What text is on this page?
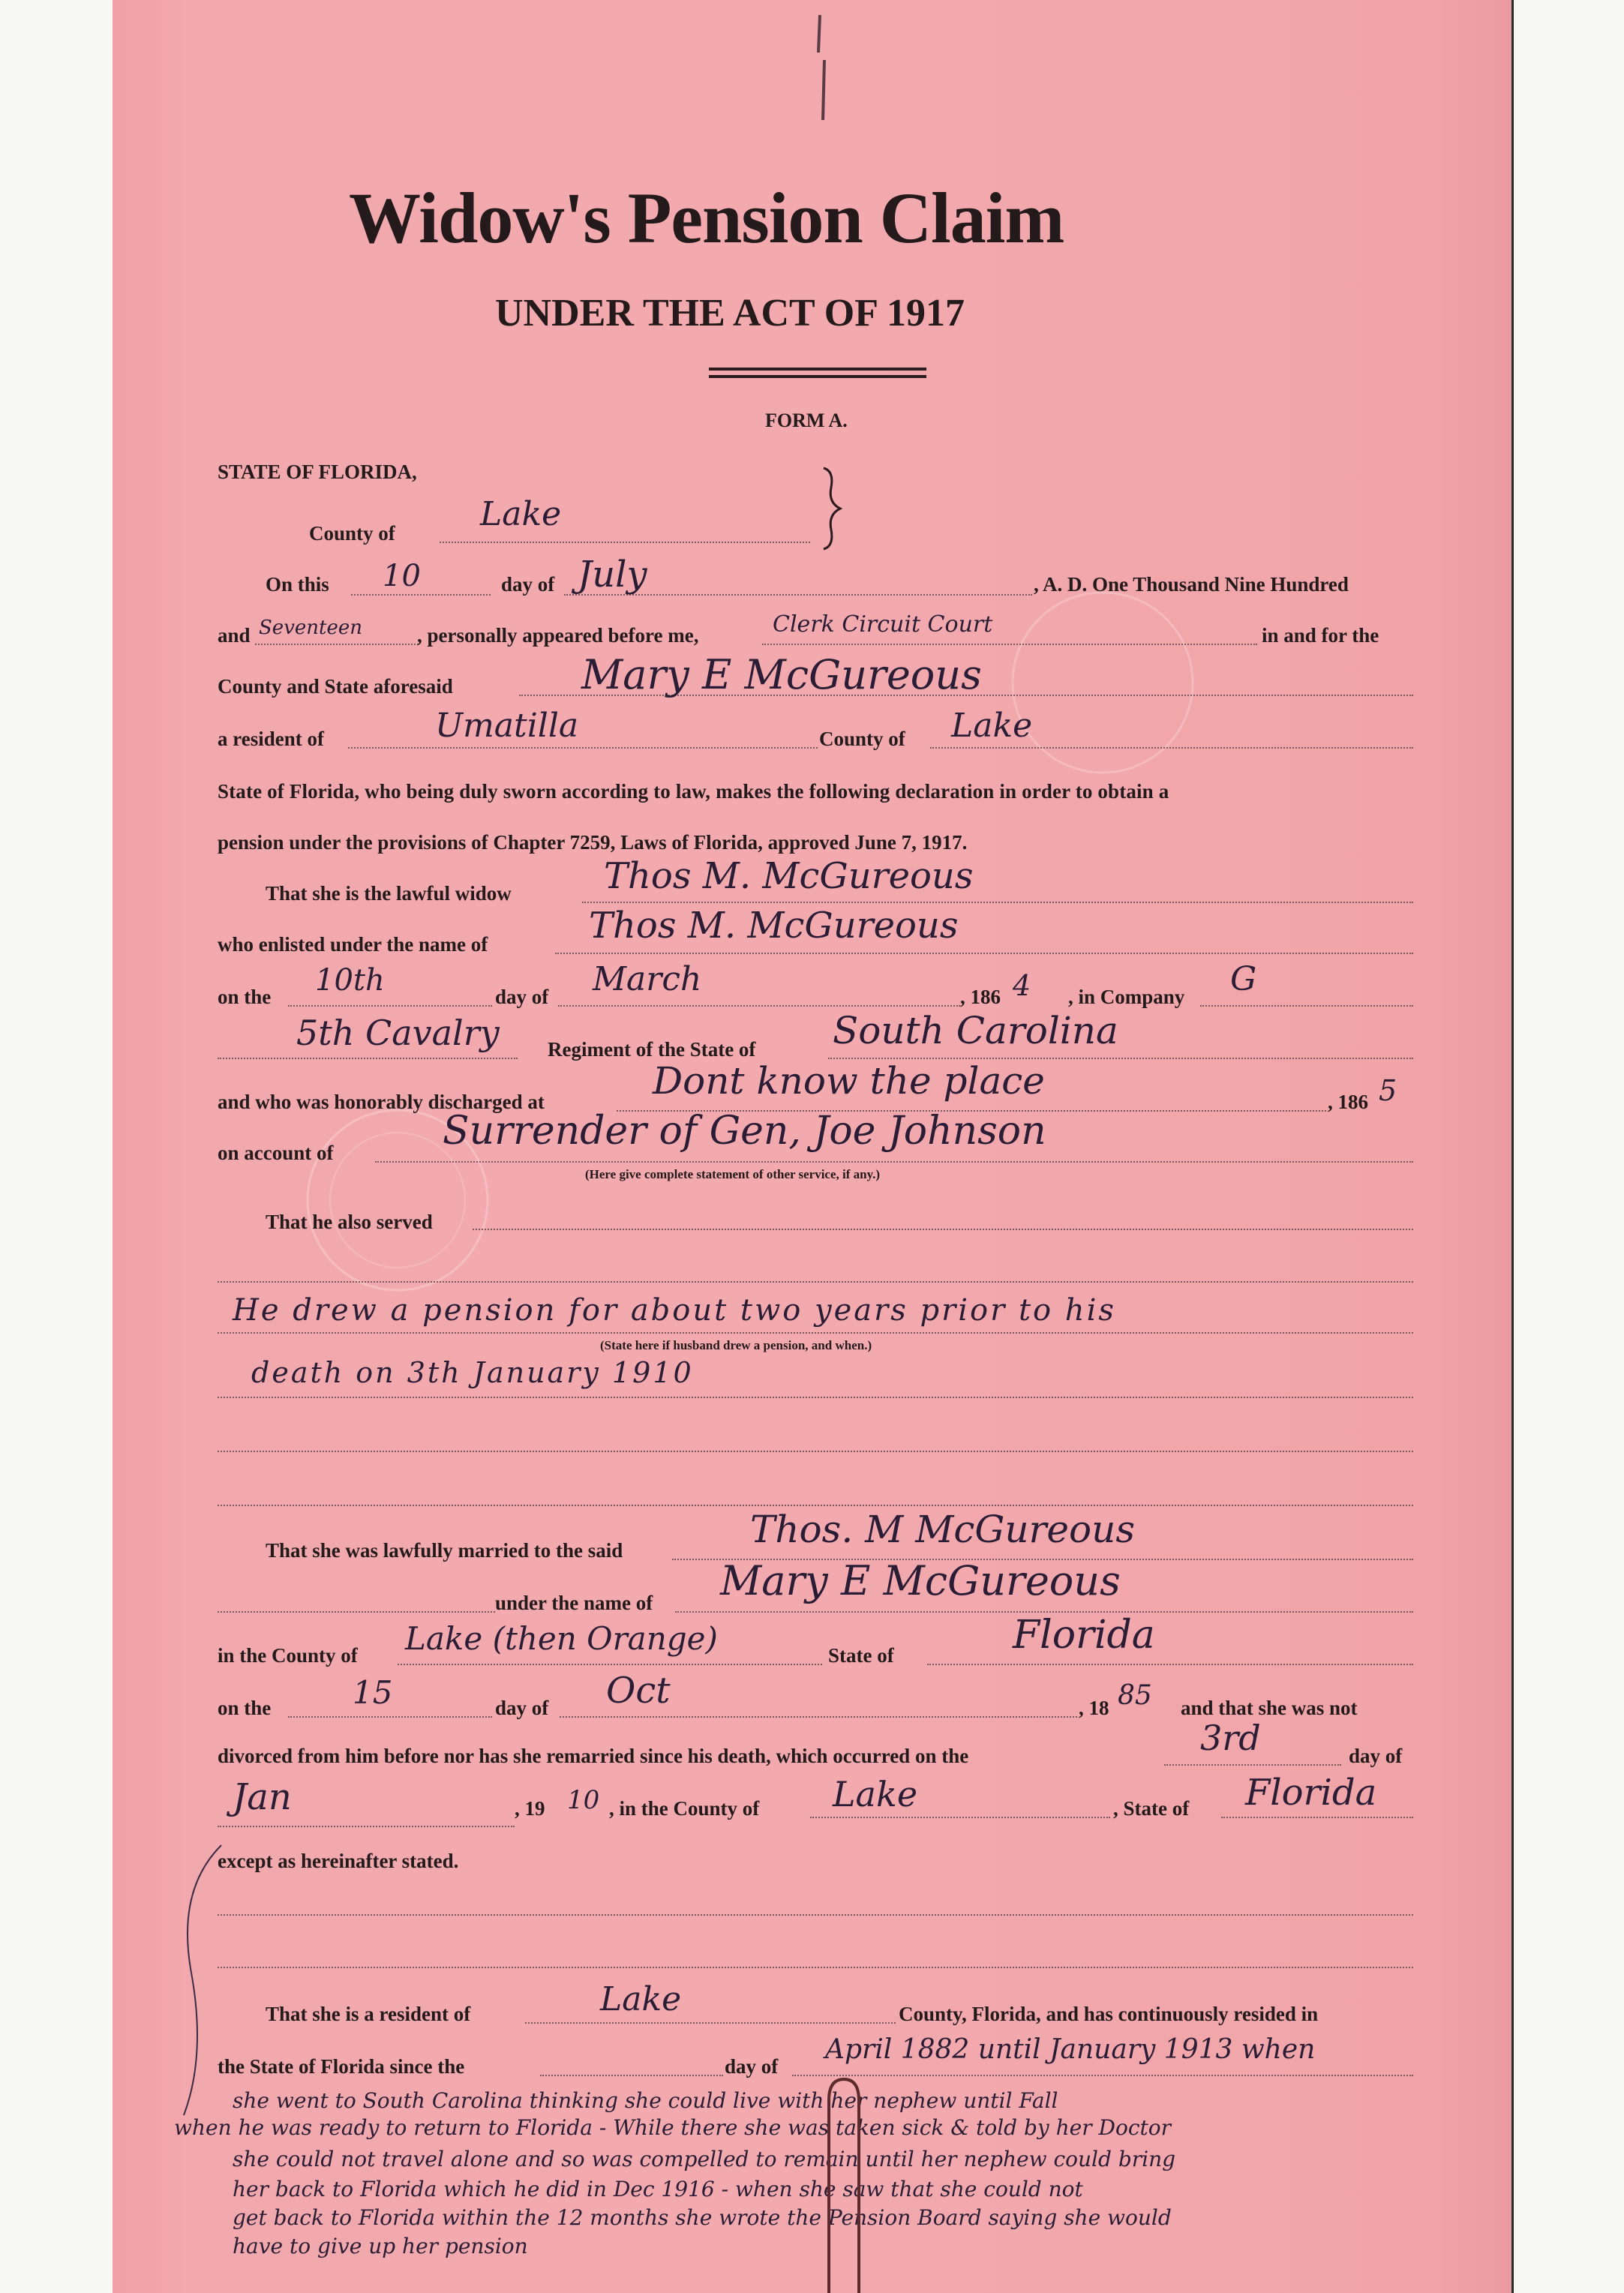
Widow's Pension Claim
UNDER THE ACT OF 1917
FORM A.
STATE OF FLORIDA,
County of	Lake
On this 10	day of July	, A. D. One Thousand Nine Hundred
and Seventeen	, personally appeared before me,	Clerk Circuit Court	in and for the
County and State aforesaid	Mary E McGureous
a resident of	Umatilla	County of Lake
State of Florida, who being duly sworn according to law, makes the following declaration in order to obtain a
pension under the provisions of Chapter 7259, Laws of Florida, approved June 7, 1917.
That she is the lawful widow	Thos M. McGureous
who enlisted under the name of	Thos M. McGureous
on the 10th	day of March	, 186 4 , in Company G
5th Cavalry Regiment of the State of South Carolina
and who was honorably discharged at	Dont know the place	, 186 5
on account of	Surrender of Gen, Joe Johnson
(Here give complete statement of other service, if any.)
That he also served
He drew a pension for about two years prior to his
(State here if husband drew a pension, and when.)
death on 3th January 1910
That she was lawfully married to the said	Thos. M McGureous
under the name of Mary E McGureous
in the County of Lake (then Orange)	State of	Florida
on the	15	day of Oct	, 18 85 and that she was not
divorced from him before nor has she remarried since his death, which occurred on the	3rd	day of
Jan	, 19 10 , in the County of Lake	, State of Florida
except as hereinafter stated.
That she is a resident of	Lake	County, Florida, and has continuously resided in
the State of Florida since the	day of
April 1882 until January 1913 when
she went to South Carolina thinking she could live with her nephew until Fall
when he was ready to return to Florida - While there she was taken sick & told by her Doctor
she could not travel alone and so was compelled to remain until her nephew could bring
her back to Florida which he did in Dec 1916 - when she saw that she could not
get back to Florida within the 12 months she wrote the Pension Board saying she would
have to give up her pension
